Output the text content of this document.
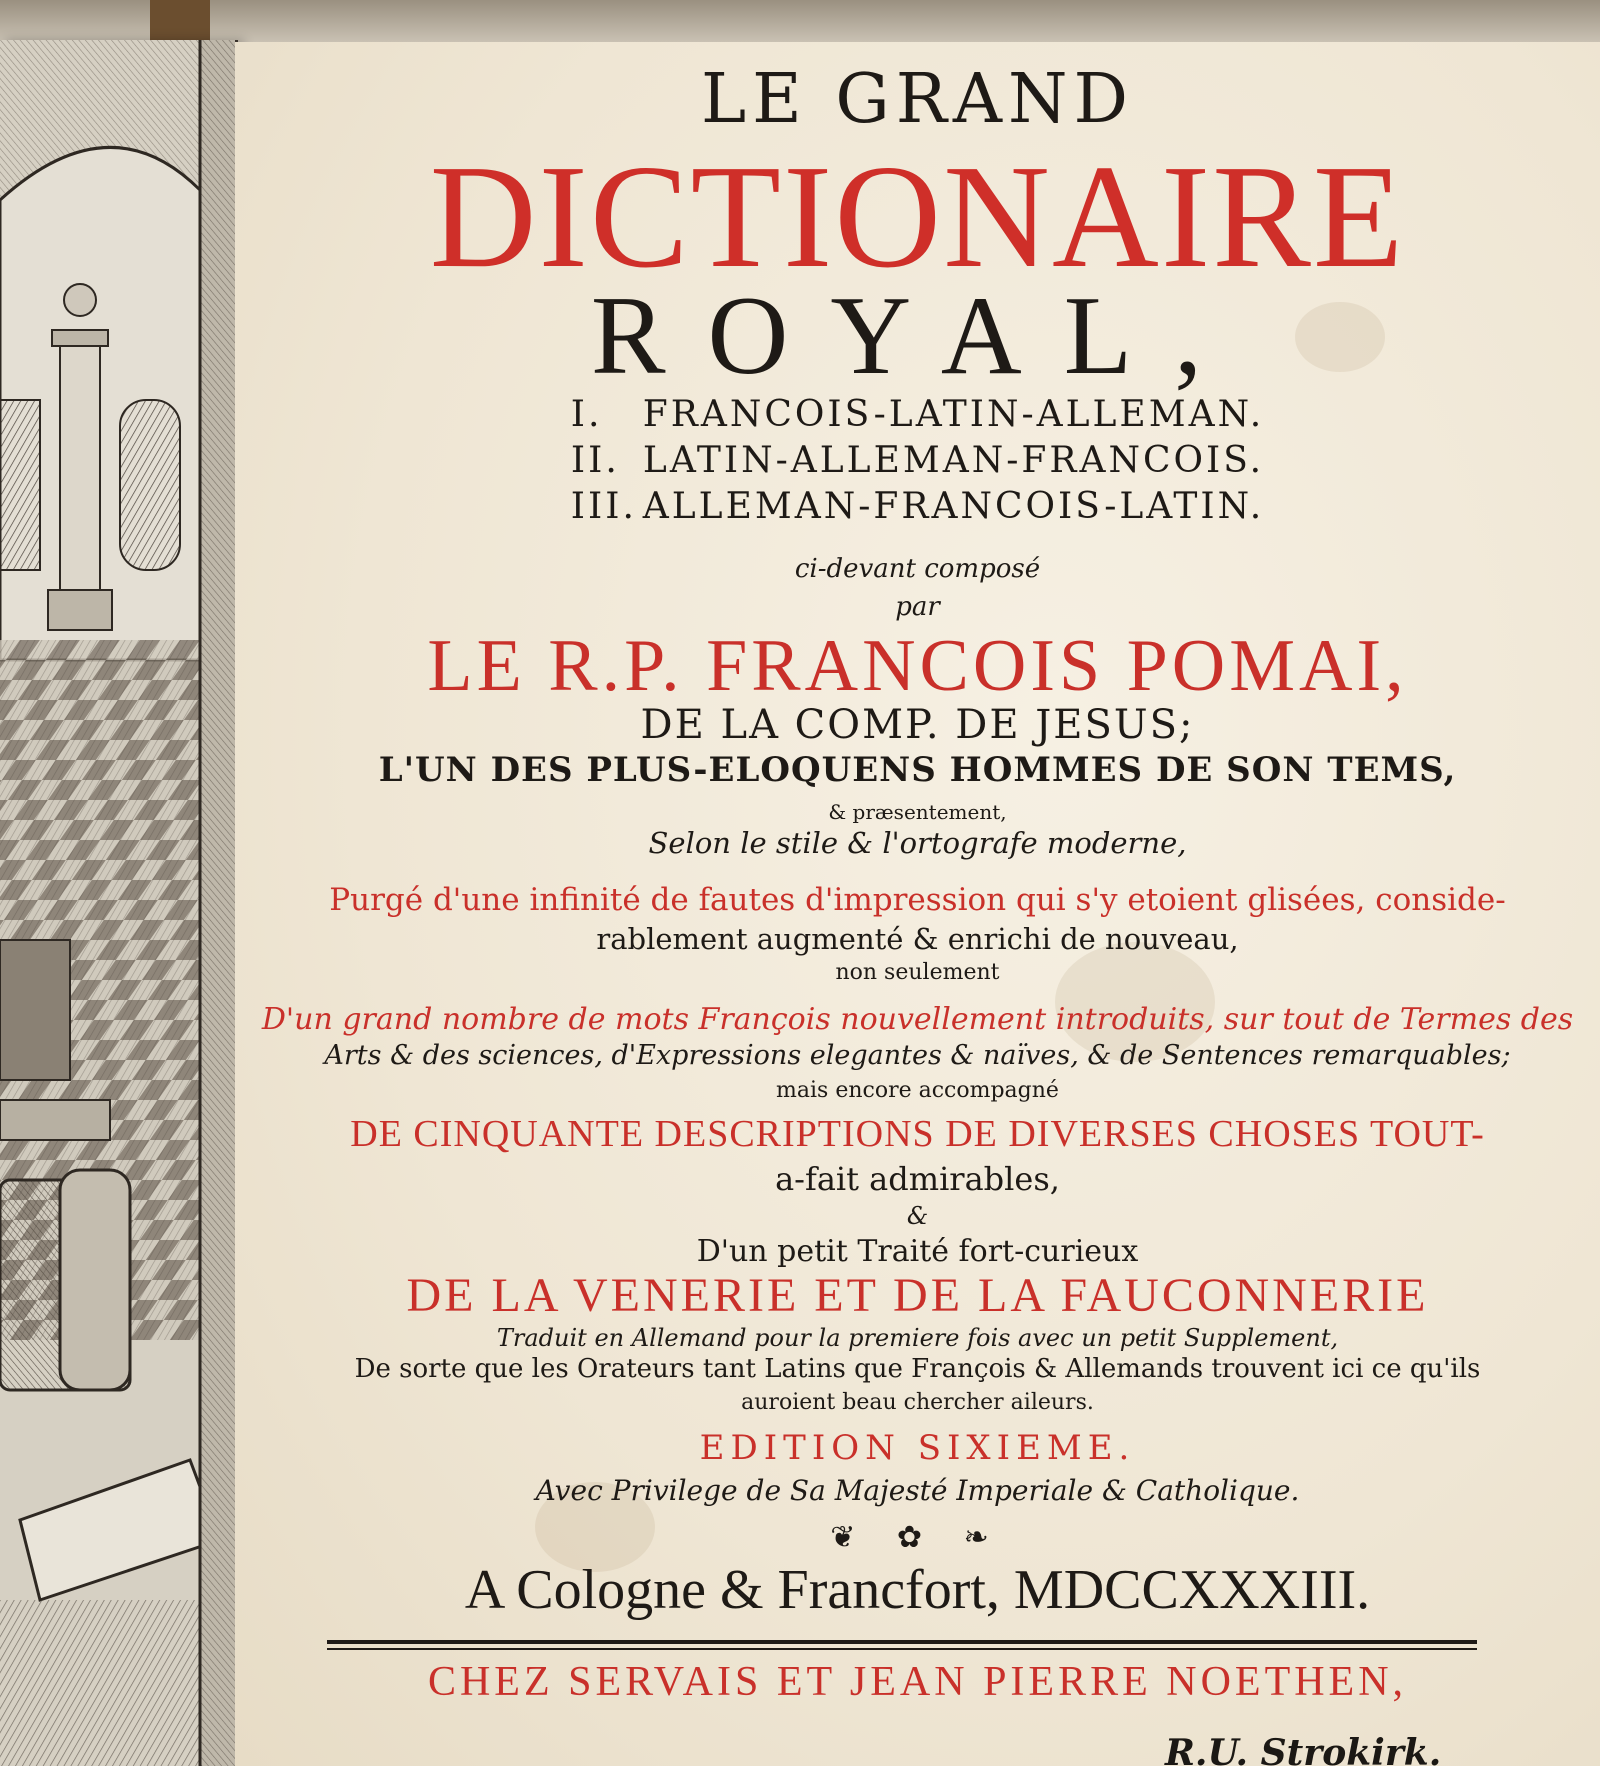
LE GRAND
DICTIONAIRE
ROYAL,
I. FRANCOIS-LATIN-ALLEMAN.
II. LATIN-ALLEMAN-FRANCOIS.
III. ALLEMAN-FRANCOIS-LATIN.
ci-devant composé
par
LE R.P. FRANCOIS POMAI,
DE LA COMP. DE JESUS;
L'UN DES PLUS-ELOQUENS HOMMES DE SON TEMS,
& præsentement,
Selon le stile & l'ortografe moderne,
Purgé d'une infinité de fautes d'impression qui s'y etoient glisées, conside-
rablement augmenté & enrichi de nouveau,
non seulement
D'un grand nombre de mots François nouvellement introduits, sur tout de Termes des
Arts & des sciences, d'Expressions elegantes & naïves, & de Sentences remarquables;
mais encore accompagné
DE CINQUANTE DESCRIPTIONS DE DIVERSES CHOSES TOUT-
a-fait admirables,
&
D'un petit Traité fort-curieux
DE LA VENERIE ET DE LA FAUCONNERIE
Traduit en Allemand pour la premiere fois avec un petit Supplement,
De sorte que les Orateurs tant Latins que François & Allemands trouvent ici ce qu'ils
auroient beau chercher aileurs.
EDITION SIXIEME.
Avec Privilege de Sa Majesté Imperiale & Catholique.
❦ ✿ ❧
A Cologne & Francfort, MDCCXXXIII.
CHEZ SERVAIS ET JEAN PIERRE NOETHEN,
R.U. Strokirk.
